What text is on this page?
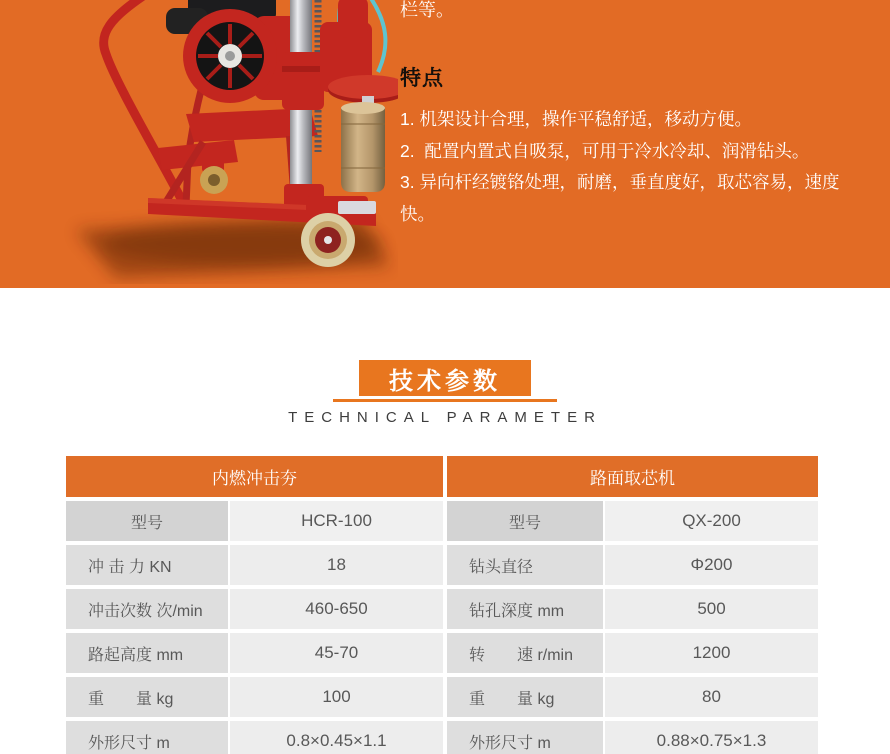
栏等。
特点
1. 机架设计合理，操作平稳舒适，移动方便。
2.  配置内置式自吸泵，可用于冷水冷却、润滑钻头。
3. 异向杆经镀铬处理，耐磨，垂直度好，取芯容易，速度快。
技术参数
TECHNICAL PARAMETER
内燃冲击夯
型号	HCR-100
冲 击 力 KN	18
冲击次数 次/min	460-650
路起高度 mm	45-70
重　　量 kg	100
外形尺寸 m	0.8×0.45×1.1
路面取芯机
型号	QX-200
钻头直径	Φ200
钻孔深度 mm	500
转　　速 r/min	1200
重　　量 kg	80
外形尺寸 m	0.88×0.75×1.3
